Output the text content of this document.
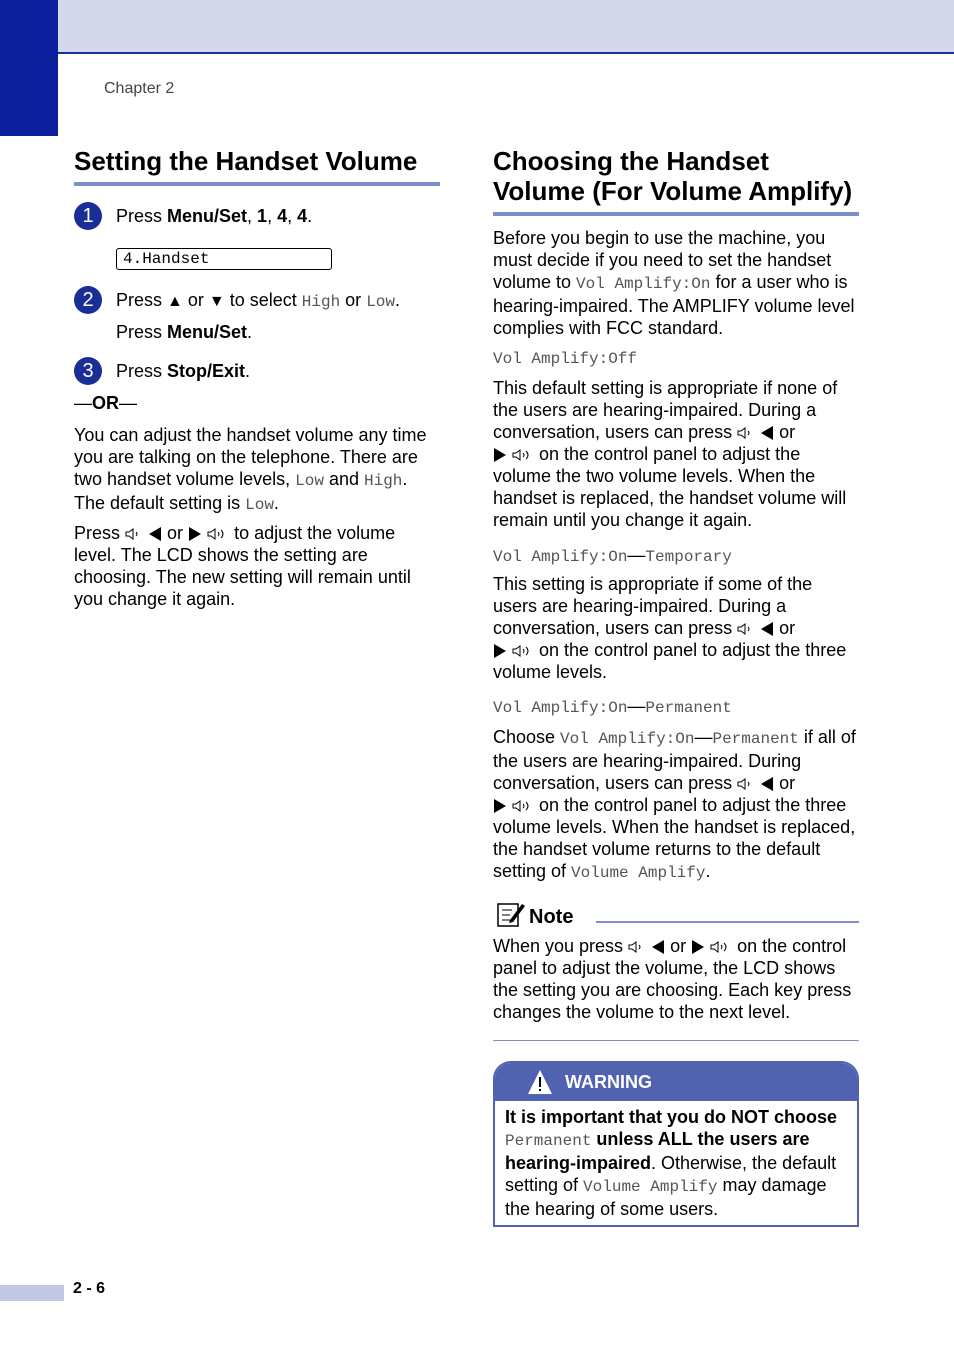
Chapter 2
Setting the Handset Volume
1	Press Menu/Set, 1, 4, 4.
4.Handset
2	Press ▲ or ▼ to select High or Low.
Press Menu/Set.
3	Press Stop/Exit.
—OR—

You can adjust the handset volume any time you are talking on the telephone. There are two handset volume levels, Low and High.
The default setting is Low.

Press   or   to adjust the volume level. The LCD shows the setting are choosing. The new setting will remain until you change it again.

Choosing the Handset
Volume (For Volume Amplify)

Before you begin to use the machine, you must decide if you need to set the handset volume to Vol Amplify:On for a user who is hearing-impaired. The AMPLIFY volume level complies with FCC standard.

Vol Amplify:Off

This default setting is appropriate if none of the users are hearing-impaired. During a conversation, users can press   or
on the control panel to adjust the volume the two volume levels. When the handset is replaced, the handset volume will remain until you change it again.

Vol Amplify:On—Temporary

This setting is appropriate if some of the users are hearing-impaired. During a conversation, users can press   or
on the control panel to adjust the three volume levels.

Vol Amplify:On—Permanent

Choose Vol Amplify:On—Permanent if all of the users are hearing-impaired. During conversation, users can press   or
on the control panel to adjust the three volume levels. When the handset is replaced, the handset volume returns to the default setting of Volume Amplify.

Note

When you press   or   on the control panel to adjust the volume, the LCD shows the setting you are choosing. Each key press changes the volume to the next level.

WARNING

It is important that you do NOT choose Permanent unless ALL the users are hearing-impaired. Otherwise, the default setting of Volume Amplify may damage the hearing of some users.

2 - 6
